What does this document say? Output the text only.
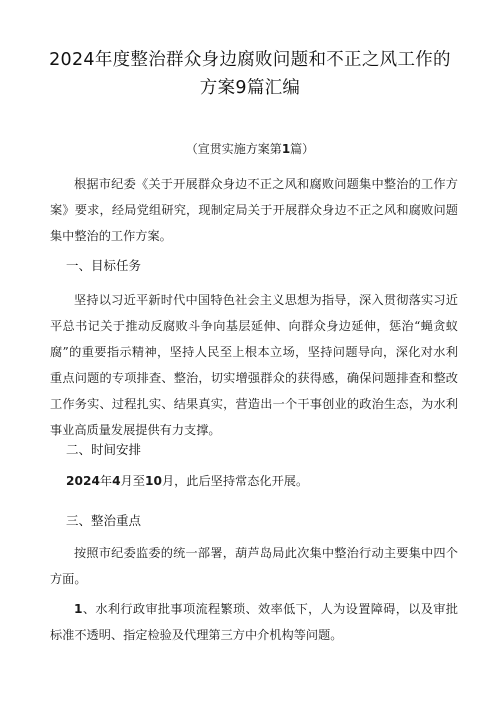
2024年度整治群众身边腐败问题和不正之风工作的
方案9篇汇编
（宣贯实施方案第1篇）
根据市纪委《关于开展群众身边不正之风和腐败问题集中整治的工作方案》要求，经局党组研究，现制定局关于开展群众身边不正之风和腐败问题集中整治的工作方案。
一、目标任务
坚持以习近平新时代中国特色社会主义思想为指导，深入贯彻落实习近平总书记关于推动反腐败斗争向基层延伸、向群众身边延伸，惩治“蝇贪蚁腐”的重要指示精神，坚持人民至上根本立场，坚持问题导向，深化对水利重点问题的专项排查、整治，切实增强群众的获得感，确保问题排查和整改工作务实、过程扎实、结果真实，营造出一个干事创业的政治生态，为水利事业高质量发展提供有力支撑。
二、时间安排
2024年4月至10月，此后坚持常态化开展。
三、整治重点
按照市纪委监委的统一部署，葫芦岛局此次集中整治行动主要集中四个方面。
1、水利行政审批事项流程繁琐、效率低下，人为设置障碍，以及审批标准不透明、指定检验及代理第三方中介机构等问题。
